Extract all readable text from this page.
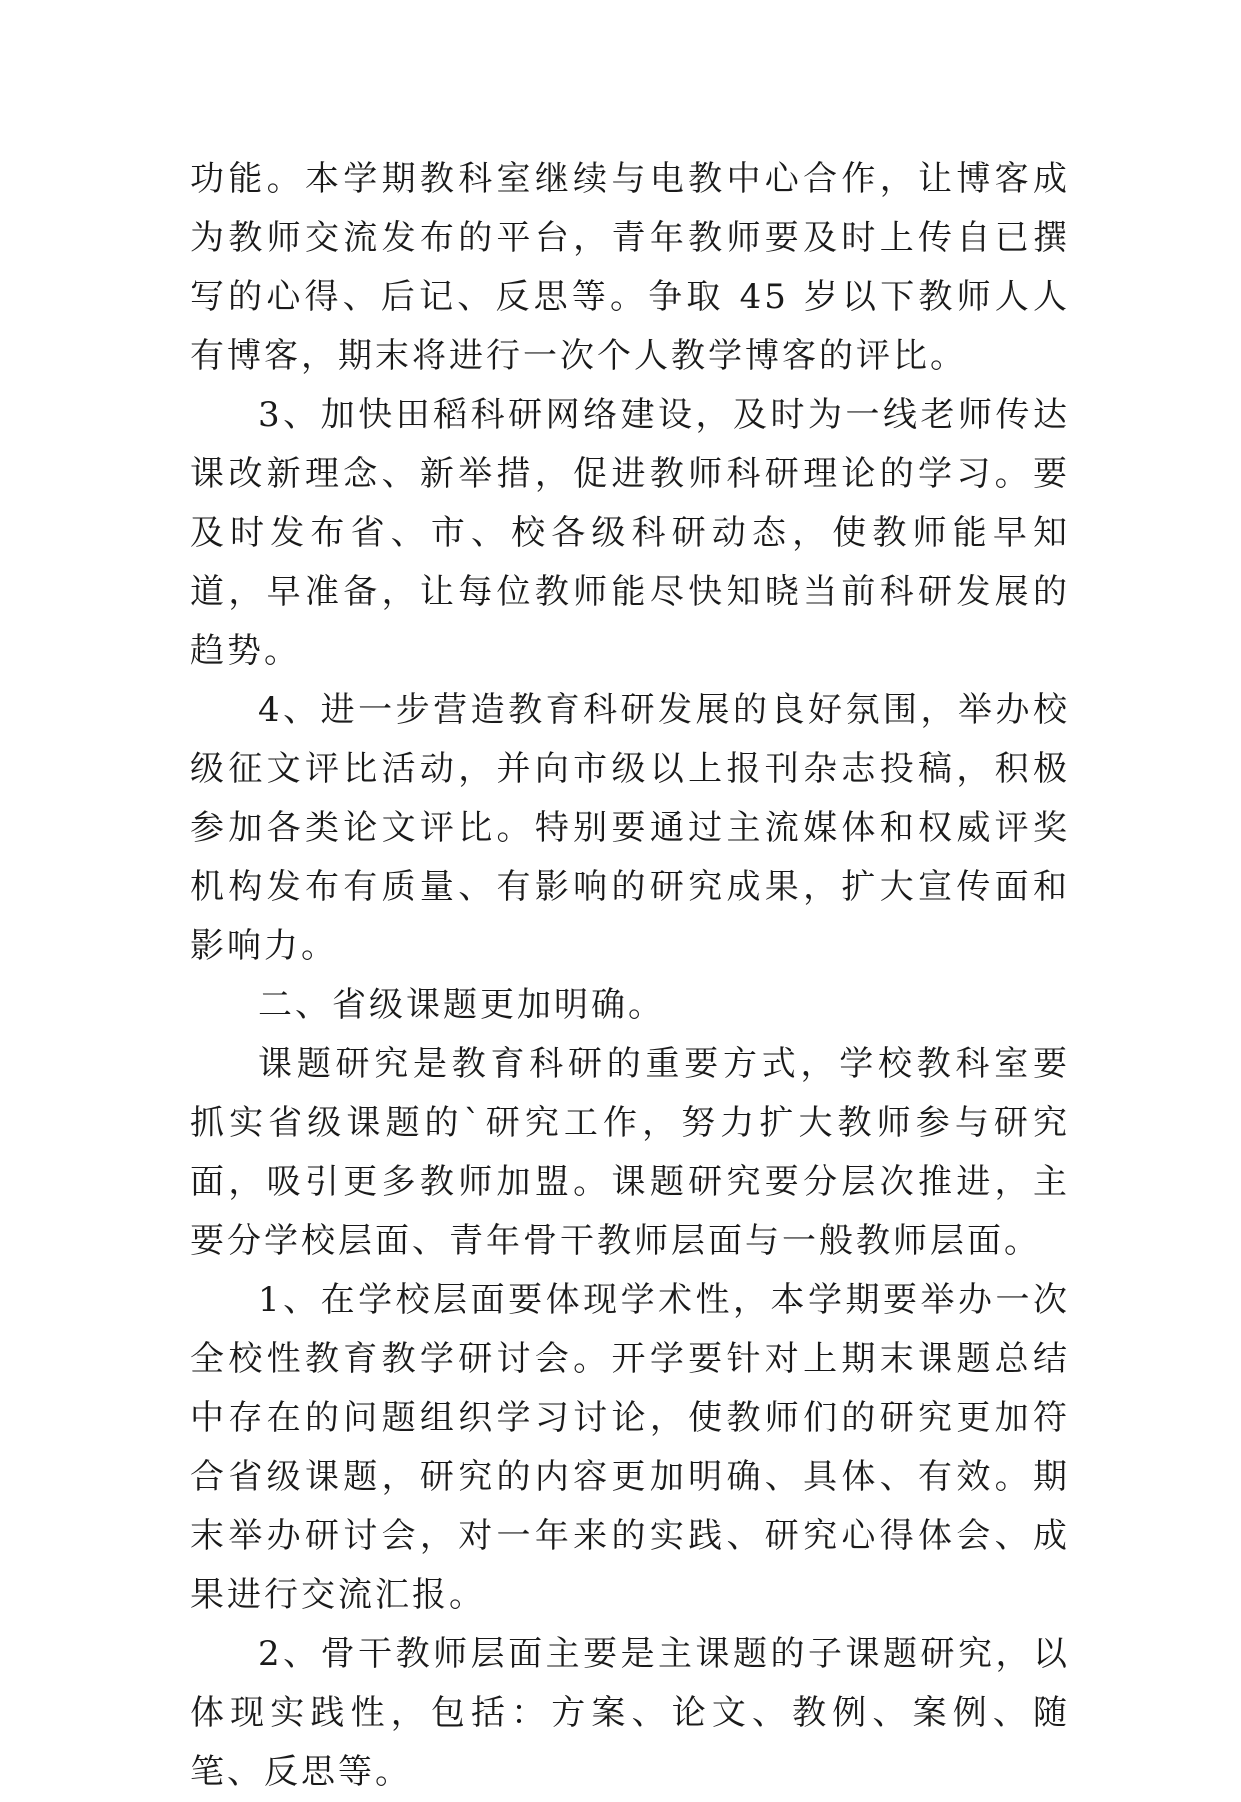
功能。本学期教科室继续与电教中心合作，让博客成为教师交流发布的平台，青年教师要及时上传自已撰写的心得、后记、反思等。争取 45 岁以下教师人人有博客，期末将进行一次个人教学博客的评比。

3、加快田稻科研网络建设，及时为一线老师传达课改新理念、新举措，促进教师科研理论的学习。要及时发布省、市、校各级科研动态，使教师能早知道，早准备，让每位教师能尽快知晓当前科研发展的趋势。

4、进一步营造教育科研发展的良好氛围，举办校级征文评比活动，并向市级以上报刊杂志投稿，积极参加各类论文评比。特别要通过主流媒体和权威评奖机构发布有质量、有影响的研究成果，扩大宣传面和影响力。

二、省级课题更加明确。

课题研究是教育科研的重要方式，学校教科室要抓实省级课题的`研究工作，努力扩大教师参与研究面，吸引更多教师加盟。课题研究要分层次推进，主要分学校层面、青年骨干教师层面与一般教师层面。

1、在学校层面要体现学术性，本学期要举办一次全校性教育教学研讨会。开学要针对上期末课题总结中存在的问题组织学习讨论，使教师们的研究更加符合省级课题，研究的内容更加明确、具体、有效。期末举办研讨会，对一年来的实践、研究心得体会、成果进行交流汇报。

2、骨干教师层面主要是主课题的子课题研究，以体现实践性，包括：方案、论文、教例、案例、随笔、反思等。
